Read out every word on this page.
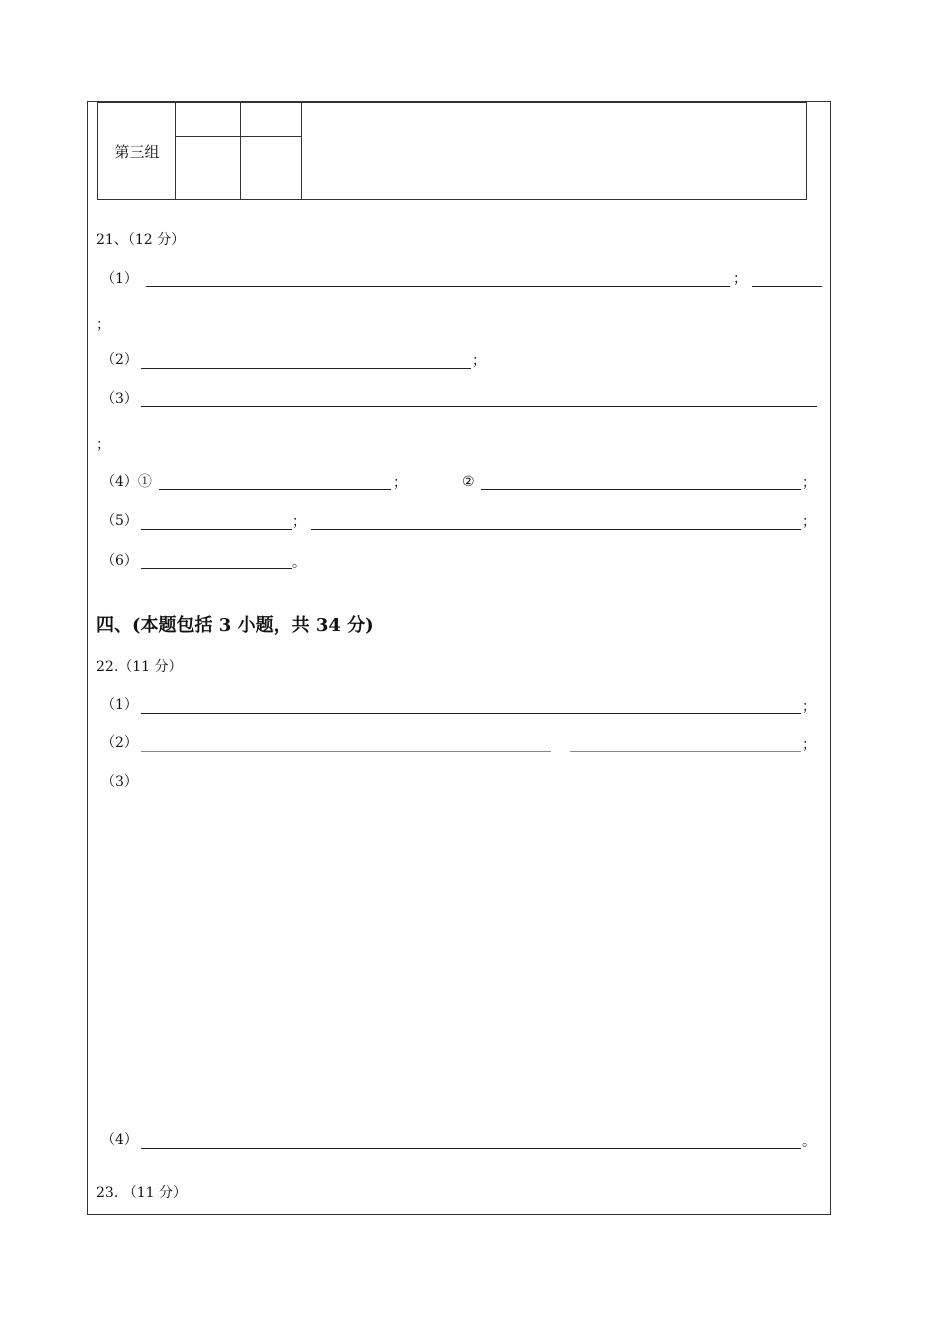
第三组
21、（12 分）
（1）	；
；
（2）	；
（3）
；
（4）①	；	②	；
（5）	；	；
（6）	。
四、(本题包括 3 小题，共 34 分)
22.（11 分）
（1）	；
（2）	；
（3）
（4）	。
23. （11 分）
